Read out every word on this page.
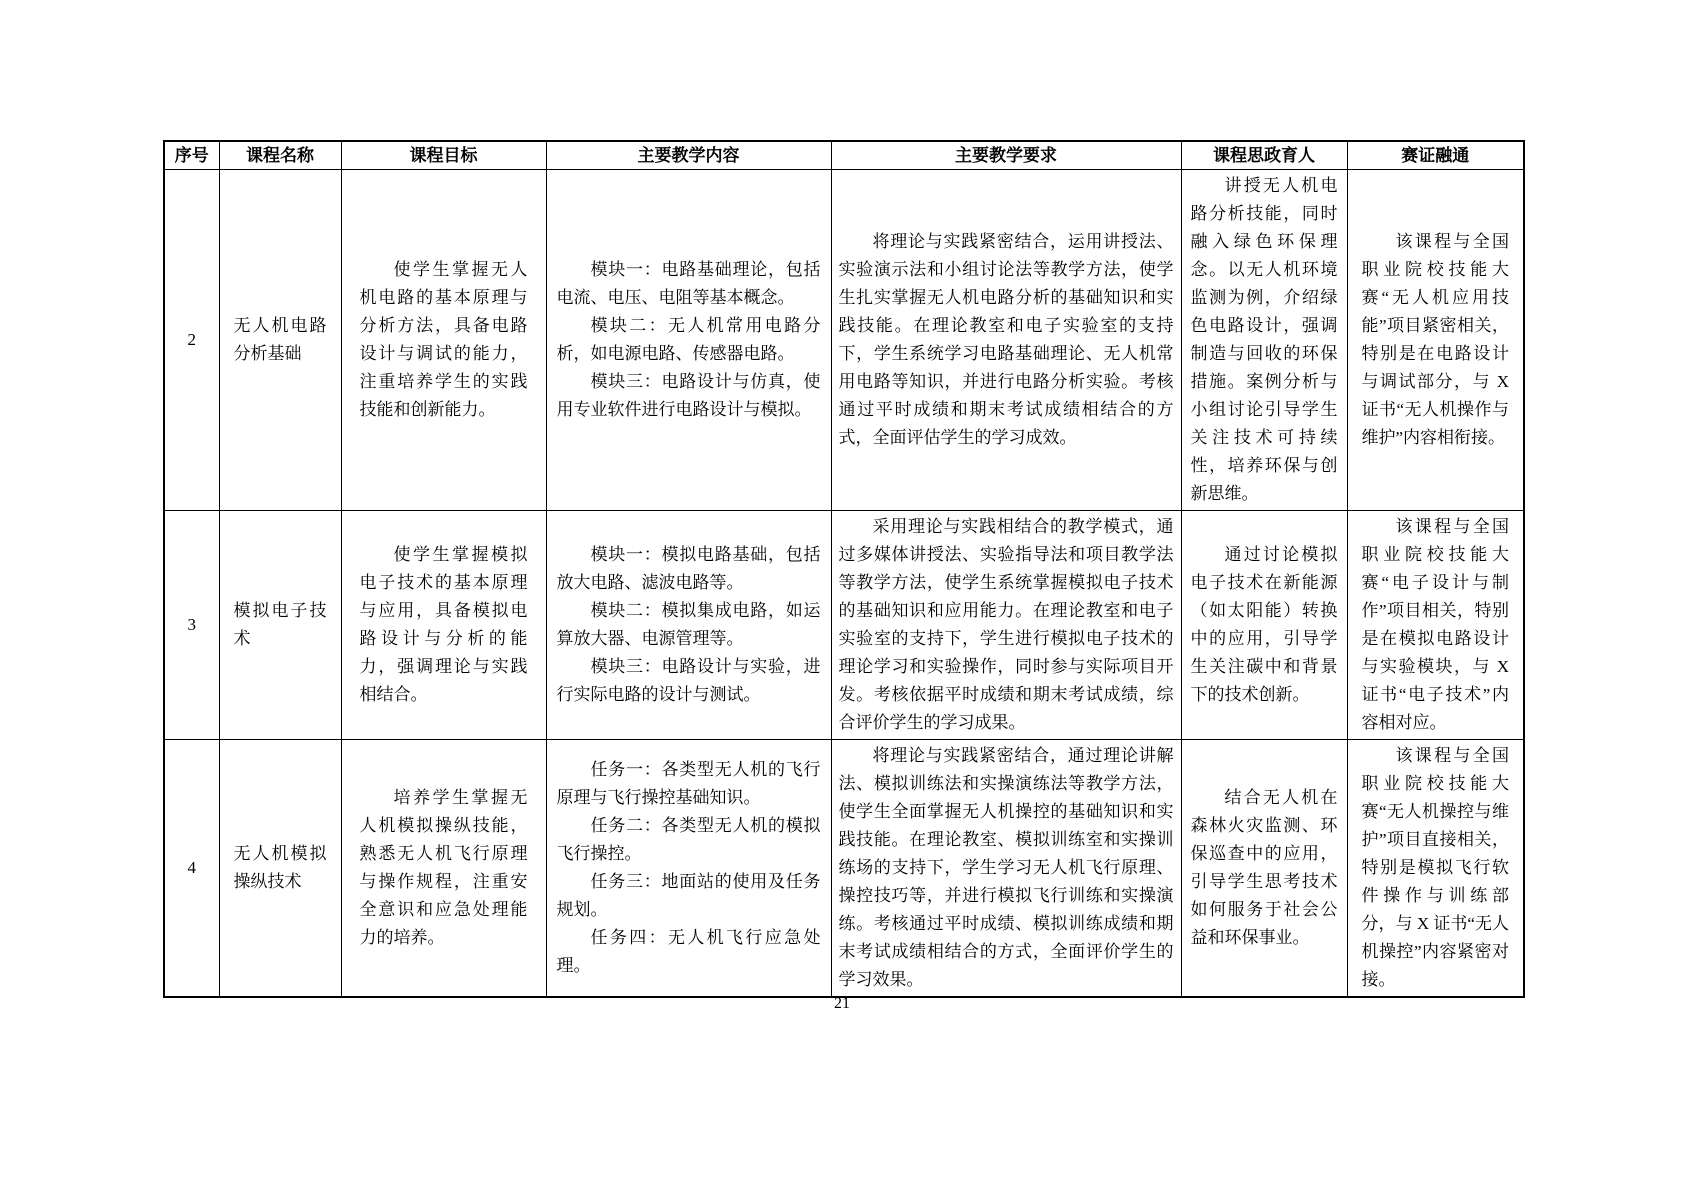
序号	课程名称	课程目标	主要教学内容	主要教学要求	课程思政育人	赛证融通
2	无人机电路分析基础	使学生掌握无人机电路的基本原理与分析方法，具备电路设计与调试的能力，注重培养学生的实践技能和创新能力。	模块一：电路基础理论，包括电流、电压、电阻等基本概念。

模块二：无人机常用电路分析，如电源电路、传感器电路。

模块三：电路设计与仿真，使用专业软件进行电路设计与模拟。	将理论与实践紧密结合，运用讲授法、实验演示法和小组讨论法等教学方法，使学生扎实掌握无人机电路分析的基础知识和实践技能。在理论教室和电子实验室的支持下，学生系统学习电路基础理论、无人机常用电路等知识，并进行电路分析实验。考核通过平时成绩和期末考试成绩相结合的方式，全面评估学生的学习成效。	讲授无人机电路分析技能，同时融入绿色环保理念。以无人机环境监测为例，介绍绿色电路设计，强调制造与回收的环保措施。案例分析与小组讨论引导学生关注技术可持续性，培养环保与创新思维。	该课程与全国职业院校技能大赛“无人机应用技能”项目紧密相关，特别是在电路设计与调试部分，与 X 证书“无人机操作与维护”内容相衔接。

3	模拟电子技术	使学生掌握模拟电子技术的基本原理与应用，具备模拟电路设计与分析的能力，强调理论与实践相结合。	模块一：模拟电路基础，包括放大电路、滤波电路等。

模块二：模拟集成电路，如运算放大器、电源管理等。

模块三：电路设计与实验，进行实际电路的设计与测试。	采用理论与实践相结合的教学模式，通过多媒体讲授法、实验指导法和项目教学法等教学方法，使学生系统掌握模拟电子技术的基础知识和应用能力。在理论教室和电子实验室的支持下，学生进行模拟电子技术的理论学习和实验操作，同时参与实际项目开发。考核依据平时成绩和期末考试成绩，综合评价学生的学习成果。	通过讨论模拟电子技术在新能源（如太阳能）转换中的应用，引导学生关注碳中和背景下的技术创新。	该课程与全国职业院校技能大赛“电子设计与制作”项目相关，特别是在模拟电路设计与实验模块，与 X 证书“电子技术”内容相对应。

4	无人机模拟操纵技术	培养学生掌握无人机模拟操纵技能，熟悉无人机飞行原理与操作规程，注重安全意识和应急处理能力的培养。	任务一：各类型无人机的飞行原理与飞行操控基础知识。

任务二：各类型无人机的模拟飞行操控。

任务三：地面站的使用及任务规划。

任务四：无人机飞行应急处理。	将理论与实践紧密结合，通过理论讲解法、模拟训练法和实操演练法等教学方法，使学生全面掌握无人机操控的基础知识和实践技能。在理论教室、模拟训练室和实操训练场的支持下，学生学习无人机飞行原理、操控技巧等，并进行模拟飞行训练和实操演练。考核通过平时成绩、模拟训练成绩和期末考试成绩相结合的方式，全面评价学生的学习效果。	结合无人机在森林火灾监测、环保巡查中的应用，引导学生思考技术如何服务于社会公益和环保事业。	该课程与全国职业院校技能大赛“无人机操控与维护”项目直接相关，特别是模拟飞行软件操作与训练部分，与 X 证书“无人机操控”内容紧密对接。

21
